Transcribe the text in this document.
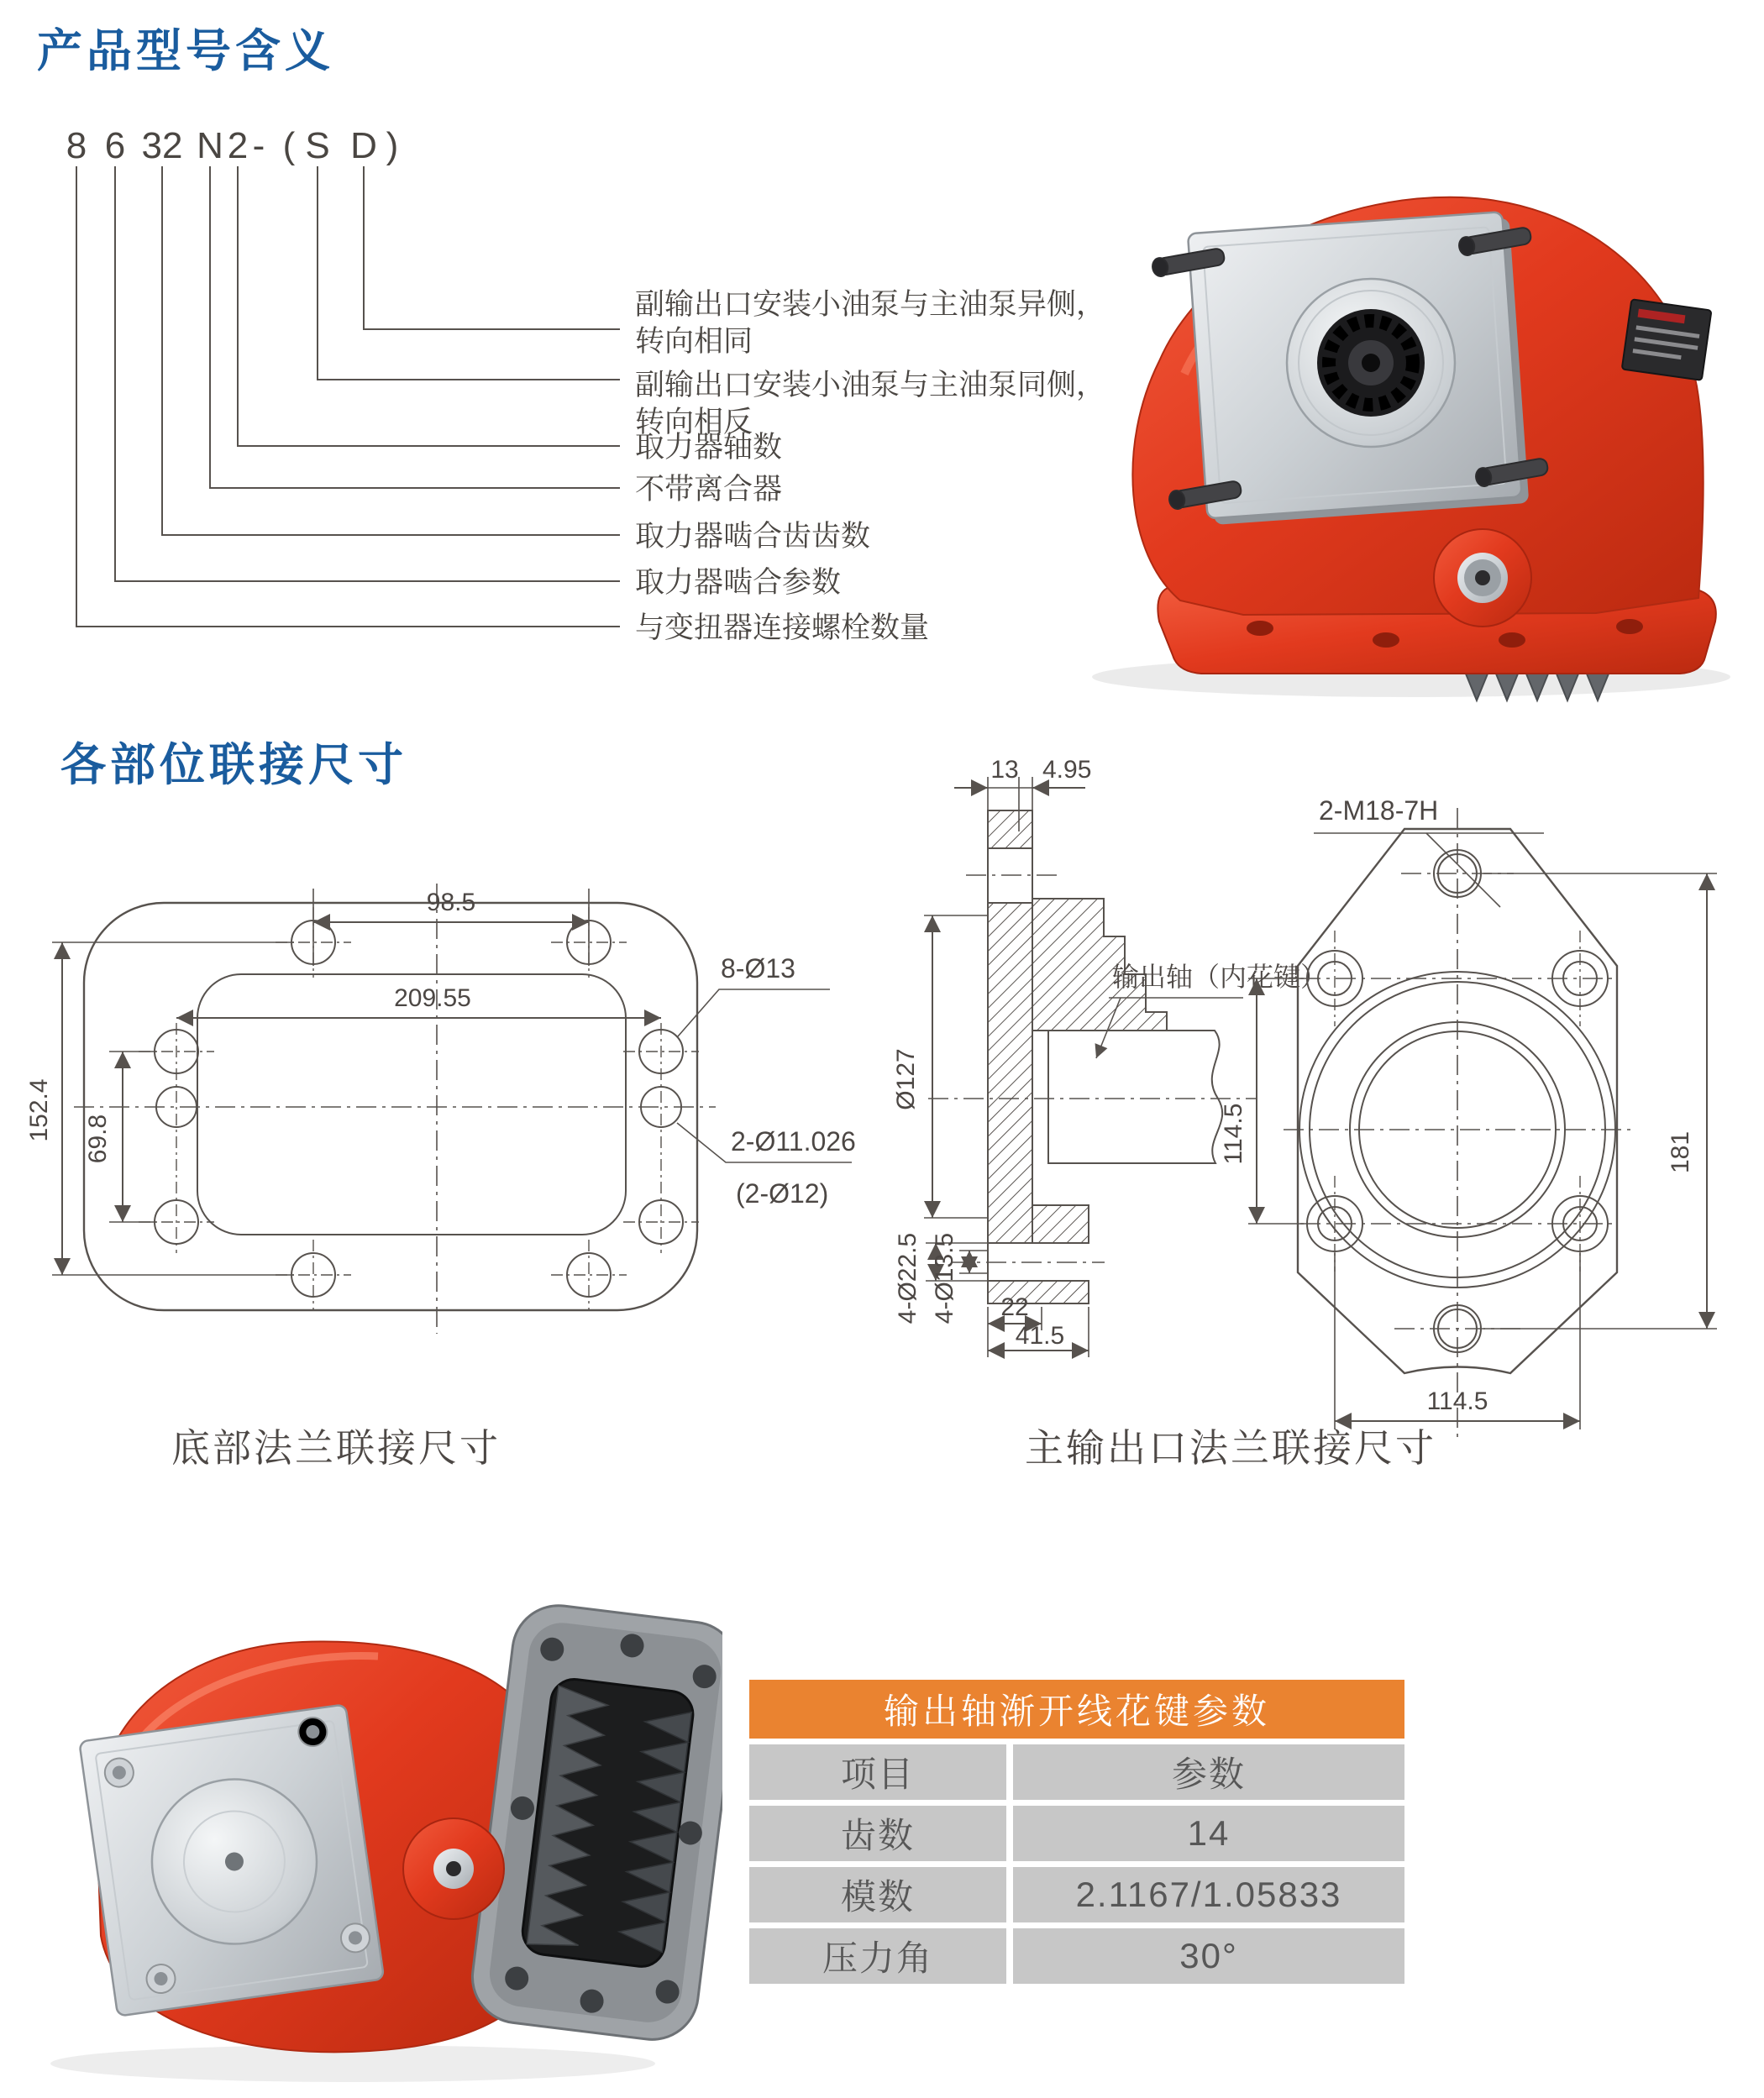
产品型号含义
各部位联接尺寸
8 6 32 N 2 - ( S D )
副输出口安装小油泵与主油泵异侧，
转向相同
副输出口安装小油泵与主油泵同侧，
转向相反
取力器轴数
不带离合器
取力器啮合齿齿数
取力器啮合参数
与变扭器连接螺栓数量
98.5
209.55
152.4 69.8
8-Ø13
2-Ø11.026
(2-Ø12)
底部法兰联接尺寸
13 4.95
输出轴（内花键）
Ø127
4-Ø22.5 4-Ø13.5 22
41.5
2-M18-7H
114.5	181
114.5
主输出口法兰联接尺寸
输出轴渐开线花键参数
项目	参数
齿数	14
模数	2.1167/1.05833
压力角	30°
